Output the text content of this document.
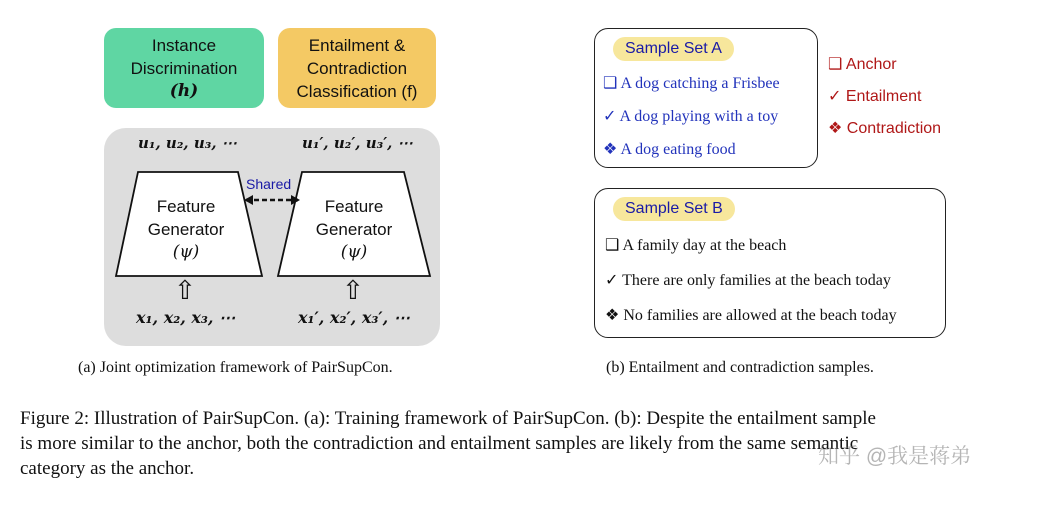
Instance
Discrimination
(h)
Entailment &
Contradiction
Classification (f)
u₁, u₂, u₃, ⋯	u₁′, u₂′, u₃′, ⋯
Shared
Feature
Generator
(ψ)
Feature
Generator
(ψ)
⇧	⇧
x₁, x₂, x₃, ⋯	x₁′, x₂′, x₃′, ⋯
(a) Joint optimization framework of PairSupCon.
Sample Set A
❑ A dog catching a Frisbee
✓ A dog playing with a toy
❖ A dog eating food
❑ Anchor
✓ Entailment
❖ Contradiction
Sample Set B
❑ A family day at the beach
✓ There are only families at the beach today
❖ No families are allowed at the beach today
(b) Entailment and contradiction samples.
Figure 2: Illustration of PairSupCon. (a): Training framework of PairSupCon. (b): Despite the entailment sample
is more similar to the anchor, both the contradiction and entailment samples are likely from the same semantic
category as the anchor.
知乎 @我是蒋弟
